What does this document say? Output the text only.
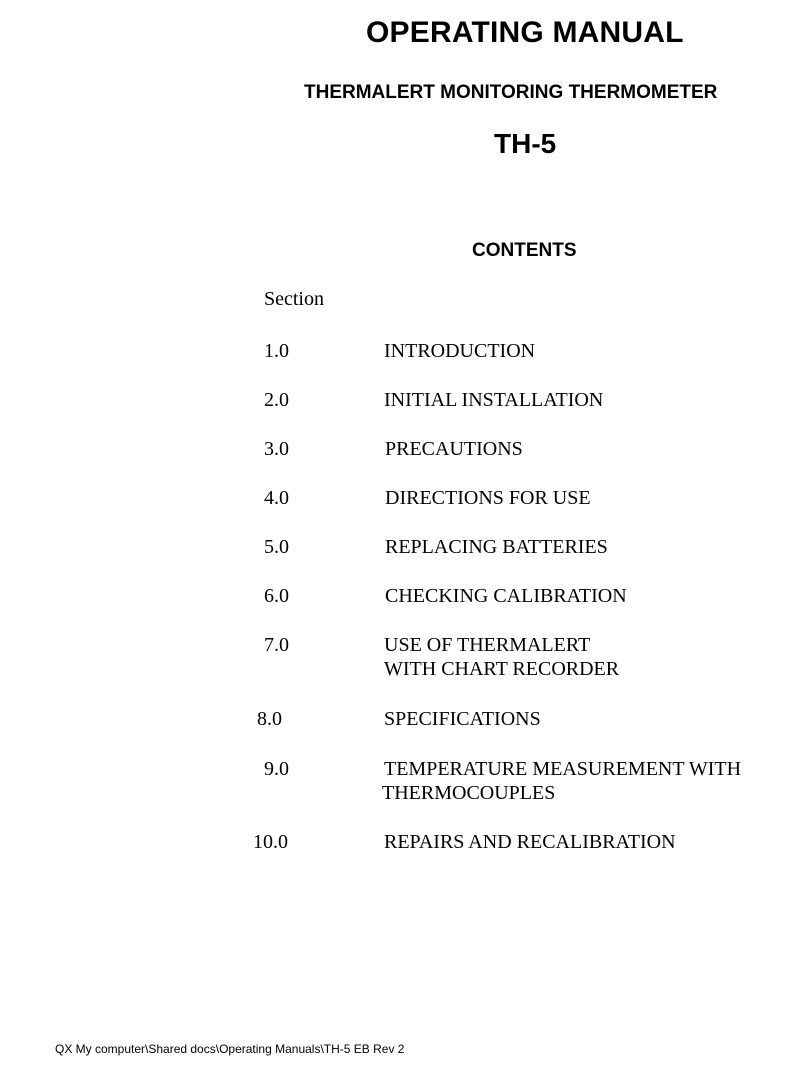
OPERATING MANUAL
THERMALERT MONITORING THERMOMETER
TH-5
CONTENTS
Section
1.0	INTRODUCTION
2.0	INITIAL INSTALLATION
3.0	PRECAUTIONS
4.0	DIRECTIONS FOR USE
5.0	REPLACING BATTERIES
6.0	CHECKING CALIBRATION
7.0	USE OF THERMALERT
WITH CHART RECORDER
8.0	SPECIFICATIONS
9.0	TEMPERATURE MEASUREMENT WITH
THERMOCOUPLES
10.0	REPAIRS AND RECALIBRATION
QX My computer\Shared docs\Operating Manuals\TH-5 EB Rev 2
